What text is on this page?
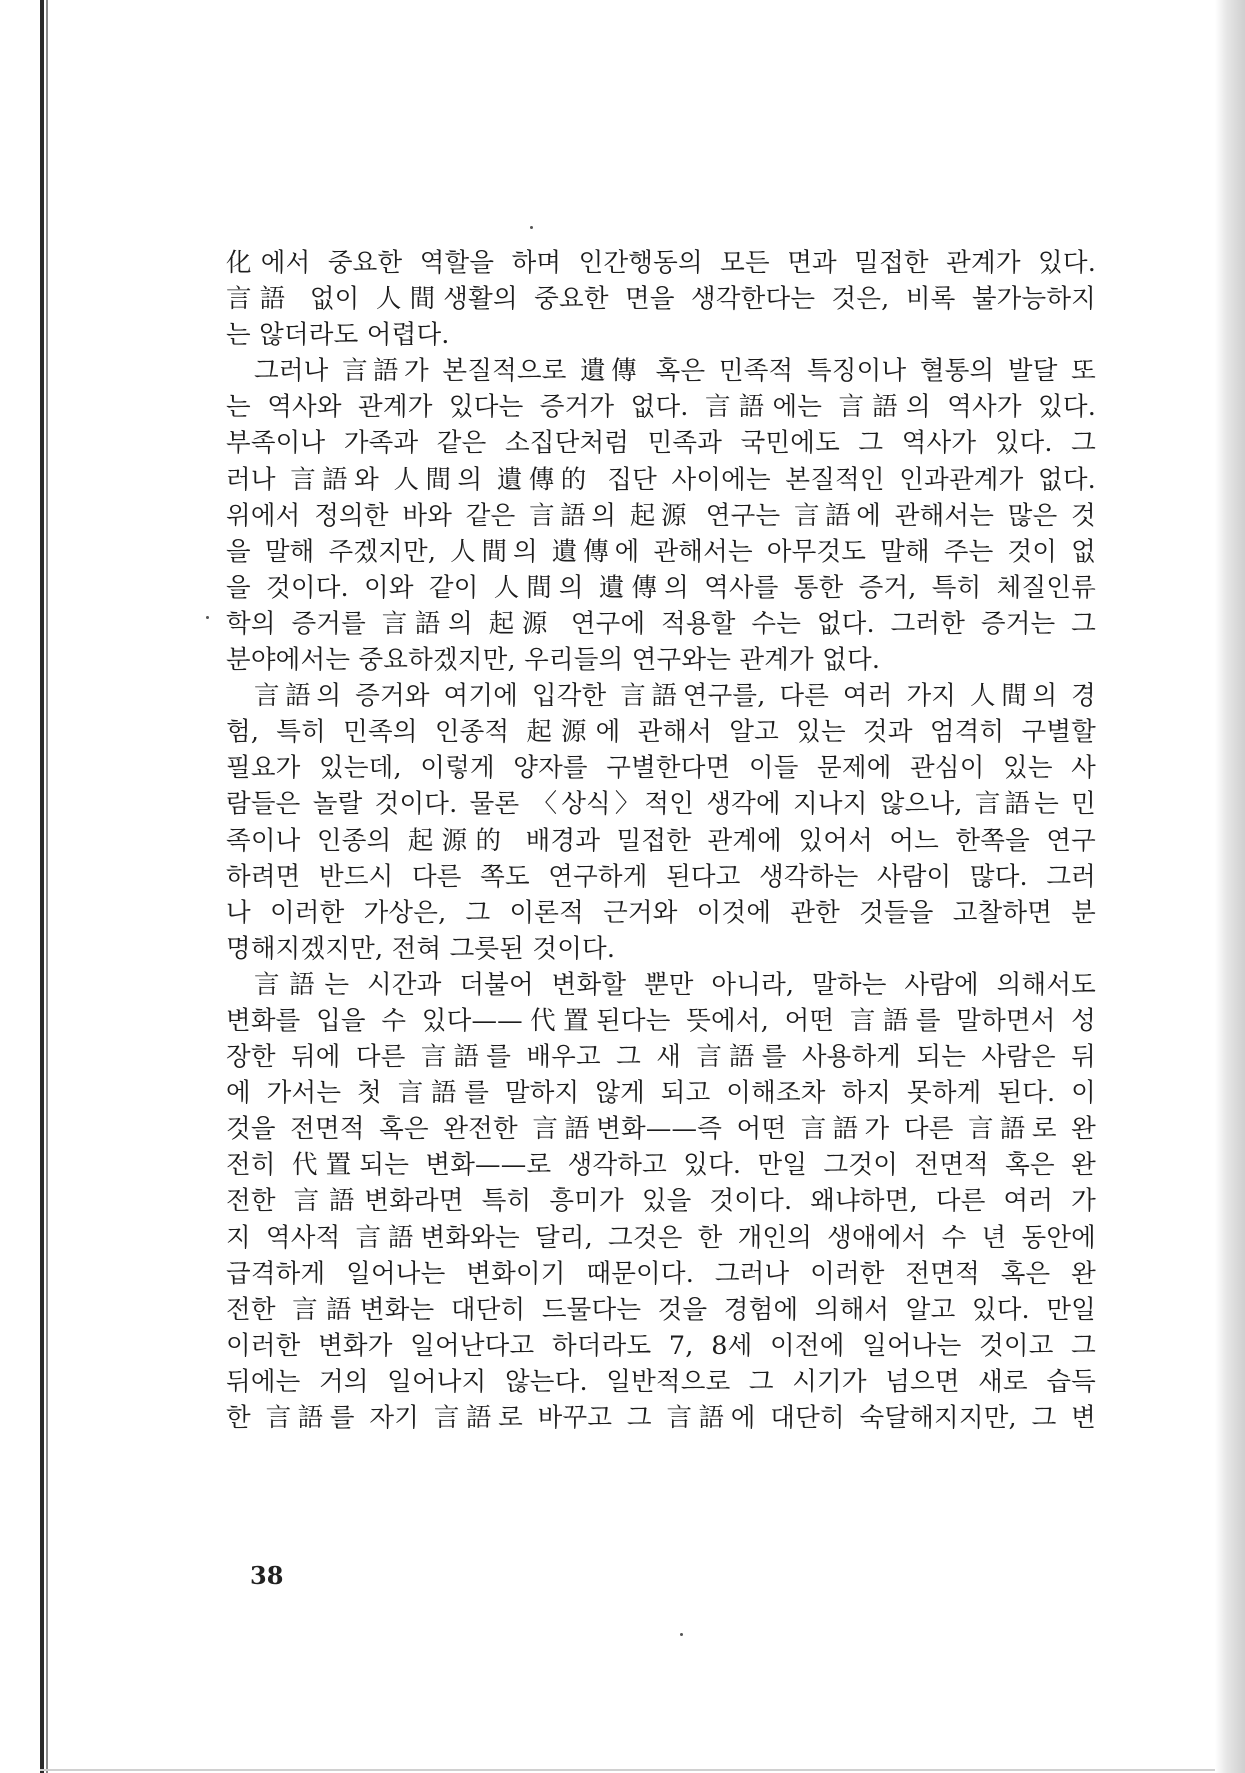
化에서 중요한 역할을 하며 인간행동의 모든 면과 밀접한 관계가 있다.
言語 없이 人間생활의 중요한 면을 생각한다는 것은, 비록 불가능하지
는 않더라도 어렵다.
그러나 言語가 본질적으로 遺傳 혹은 민족적 특징이나 혈통의 발달 또
는 역사와 관계가 있다는 증거가 없다. 言語에는 言語의 역사가 있다.
부족이나 가족과 같은 소집단처럼 민족과 국민에도 그 역사가 있다. 그
러나 言語와 人間의 遺傳的 집단 사이에는 본질적인 인과관계가 없다.
위에서 정의한 바와 같은 言語의 起源 연구는 言語에 관해서는 많은 것
을 말해 주겠지만, 人間의 遺傳에 관해서는 아무것도 말해 주는 것이 없
을 것이다. 이와 같이 人間의 遺傳의 역사를 통한 증거, 특히 체질인류
학의 증거를 言語의 起源 연구에 적용할 수는 없다. 그러한 증거는 그
분야에서는 중요하겠지만, 우리들의 연구와는 관계가 없다.
言語의 증거와 여기에 입각한 言語연구를, 다른 여러 가지 人間의 경
험, 특히 민족의 인종적 起源에 관해서 알고 있는 것과 엄격히 구별할
필요가 있는데, 이렇게 양자를 구별한다면 이들 문제에 관심이 있는 사
람들은 놀랄 것이다. 물론 〈상식〉적인 생각에 지나지 않으나, 言語는 민
족이나 인종의 起源的 배경과 밀접한 관계에 있어서 어느 한쪽을 연구
하려면 반드시 다른 쪽도 연구하게 된다고 생각하는 사람이 많다. 그러
나 이러한 가상은, 그 이론적 근거와 이것에 관한 것들을 고찰하면 분
명해지겠지만, 전혀 그릇된 것이다.
言語는 시간과 더불어 변화할 뿐만 아니라, 말하는 사람에 의해서도
변화를 입을 수 있다——代置된다는 뜻에서, 어떤 言語를 말하면서 성
장한 뒤에 다른 言語를 배우고 그 새 言語를 사용하게 되는 사람은 뒤
에 가서는 첫 言語를 말하지 않게 되고 이해조차 하지 못하게 된다. 이
것을 전면적 혹은 완전한 言語변화——즉 어떤 言語가 다른 言語로 완
전히 代置되는 변화——로 생각하고 있다. 만일 그것이 전면적 혹은 완
전한 言語변화라면 특히 흥미가 있을 것이다. 왜냐하면, 다른 여러 가
지 역사적 言語변화와는 달리, 그것은 한 개인의 생애에서 수 년 동안에
급격하게 일어나는 변화이기 때문이다. 그러나 이러한 전면적 혹은 완
전한 言語변화는 대단히 드물다는 것을 경험에 의해서 알고 있다. 만일
이러한 변화가 일어난다고 하더라도 7, 8세 이전에 일어나는 것이고 그
뒤에는 거의 일어나지 않는다. 일반적으로 그 시기가 넘으면 새로 습득
한 言語를 자기 言語로 바꾸고 그 言語에 대단히 숙달해지지만, 그 변
38
